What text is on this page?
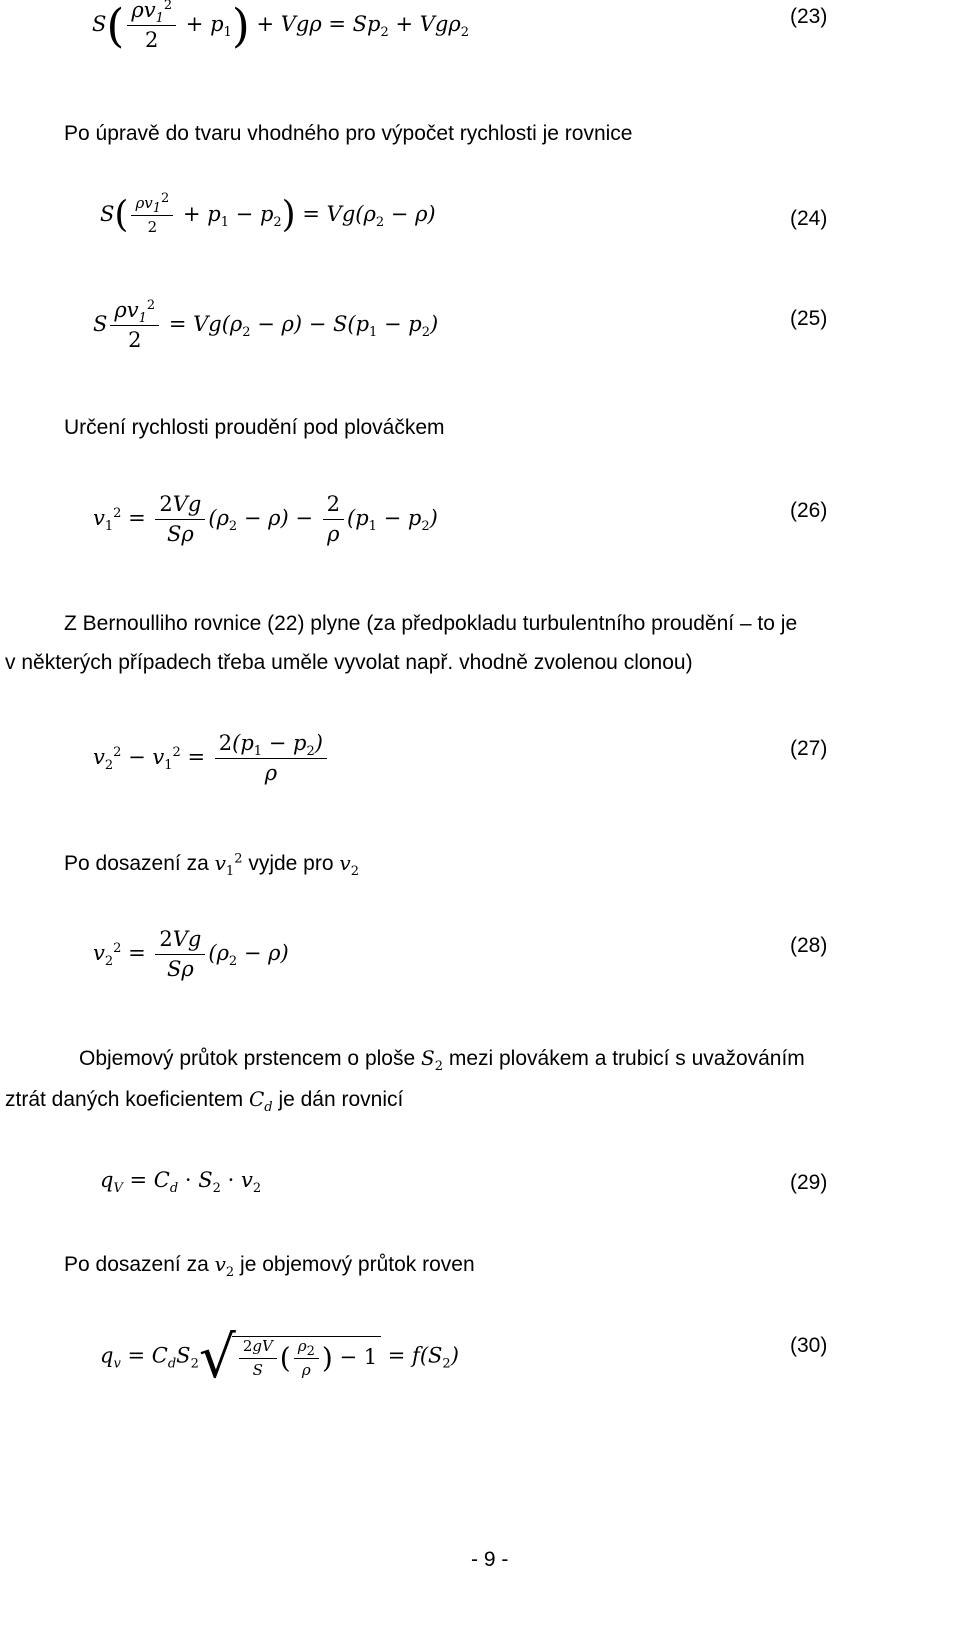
$S( \frac{\rho v_1^2}{2} + p_1) + Vg\rho = Sp_2 + Vg\rho_2$
(23)
Po úpravě do tvaru vhodného pro výpočet rychlosti je rovnice
$S( \frac{\rho v_1^2}{2} + p_1 - p_2) = Vg(\rho_2 - \rho)$	(24)
S $\frac{\rho v_1^2}{2} = Vg(\rho_2 - \rho) - S(p_1 - p_2)$	(25)
Určení rychlosti proudění pod plováčkem
$v_1^2 = \frac{2Vg}{S\rho} (\rho_2 - \rho) - \frac{2}{\rho} (p_1 - p_2)$	(26)
Z Bernoulliho rovnice (22) plyne (za předpokladu turbulentního proudění – to je
v některých případech třeba uměle vyvolat např. vhodně zvolenou clonou)
$v_2^2 - v_1^2 = \frac{2(p_1 - p_2)}{\rho}$	(27)
Po dosazení za $v_1^2$ vyjde pro $v_2$
$v_2^2 = \frac{2Vg}{S\rho} (\rho_2 - \rho)$	(28)
Objemový průtok prstencem o ploše $S_2$ mezi plovákem a trubicí s uvažováním
ztrát daných koeficientem $C_d$ je dán rovnicí
$q_V = C_d \cdot S_2 \cdot v_2$	(29)
Po dosazení za $v_2$ je objemový průtok roven
$q_v = C_dS_2√ \frac{2gV}{S}$ ( $\frac{\rho_2}{\rho}$ ) − $1 = f(S_2)$	(30)
- 9 -
